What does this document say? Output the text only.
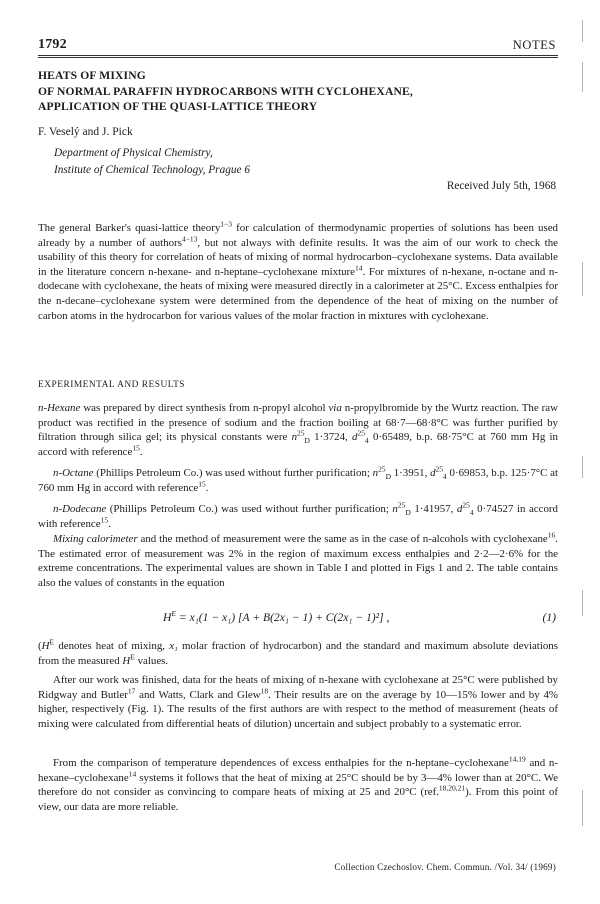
1792	NOTES
HEATS OF MIXING
OF NORMAL PARAFFIN HYDROCARBONS WITH CYCLOHEXANE,
APPLICATION OF THE QUASI-LATTICE THEORY
F. Veselý and J. Pick
Department of Physical Chemistry,
Institute of Chemical Technology, Prague 6
Received July 5th, 1968
The general Barker's quasi-lattice theory$^{1-3}$ for calculation of thermodynamic properties of solutions has been used already by a number of authors$^{4-13}$, but not always with definite results. It was the aim of our work to check the usability of this theory for correlation of heats of mixing of normal hydrocarbon–cyclohexane systems. Data available in the literature concern n-hexane- and n-heptane–cyclohexane mixture$^{14}$. For mixtures of n-hexane, n-octane and n-dodecane with cyclohexane, the heats of mixing were measured directly in a calorimeter at 25°C. Excess enthalpies for the n-decane–cyclohexane system were determined from the dependence of the heat of mixing on the number of carbon atoms in the hydrocarbon for various values of the molar fraction in mixtures with cyclohexane.
EXPERIMENTAL AND RESULTS
n-Hexane was prepared by direct synthesis from n-propyl alcohol via n-propylbromide by the Wurtz reaction. The raw product was rectified in the presence of sodium and the fraction boiling at 68·7—68·8°C was further purified by filtration through silica gel; its physical constants were $n^{25}_D$ 1·3724, $d^{25}_4$ 0·65489, b.p. 68·75°C at 760 mm Hg in accord with reference$^{15}$.
n-Octane (Phillips Petroleum Co.) was used without further purification; $n^{25}_D$ 1·3951, $d^{25}_4$ 0·69853, b.p. 125·7°C at 760 mm Hg in accord with reference$^{15}$.
n-Dodecane (Phillips Petroleum Co.) was used without further purification; $n^{25}_D$ 1·41957, $d^{25}_4$ 0·74527 in accord with reference$^{15}$.
Mixing calorimeter and the method of measurement were the same as in the case of n-alcohols with cyclohexane$^{16}$. The estimated error of measurement was 2% in the region of maximum excess enthalpies and 2·2—2·6% for the extreme concentrations. The experimental values are shown in Table I and plotted in Figs 1 and 2. The table contains also the values of constants in the equation
$H^E = x_1(1 - x_1) [A + B(2x_1 - 1) + C(2x_1 - 1)^2]$ ,	(1)
($H^E$ denotes heat of mixing, x₁ molar fraction of hydrocarbon) and the standard and maximum absolute deviations from the measured $H^E$ values.
After our work was finished, data for the heats of mixing of n-hexane with cyclohexane at 25°C were published by Ridgway and Butler$^{17}$ and Watts, Clark and Glew$^{18}$. Their results are on the average by 10—15% lower and by 4% higher, respectively (Fig. 1). The results of the first authors are with respect to the method of measurement (heats of mixing were calculated from differential heats of dilution) uncertain and subject probably to a systematic error.
From the comparison of temperature dependences of excess enthalpies for the n-heptane–cyclohexane$^{14,19}$ and n-hexane–cyclohexane$^{14}$ systems it follows that the heat of mixing at 25°C should be by 3—4% lower than at 20°C. We therefore do not consider as convincing to compare heats of mixing at 25 and 20°C (ref.$^{18,20,21}$). From this point of view, our data are more reliable.
Collection Czechoslov. Chem. Commun. /Vol. 34/ (1969)
